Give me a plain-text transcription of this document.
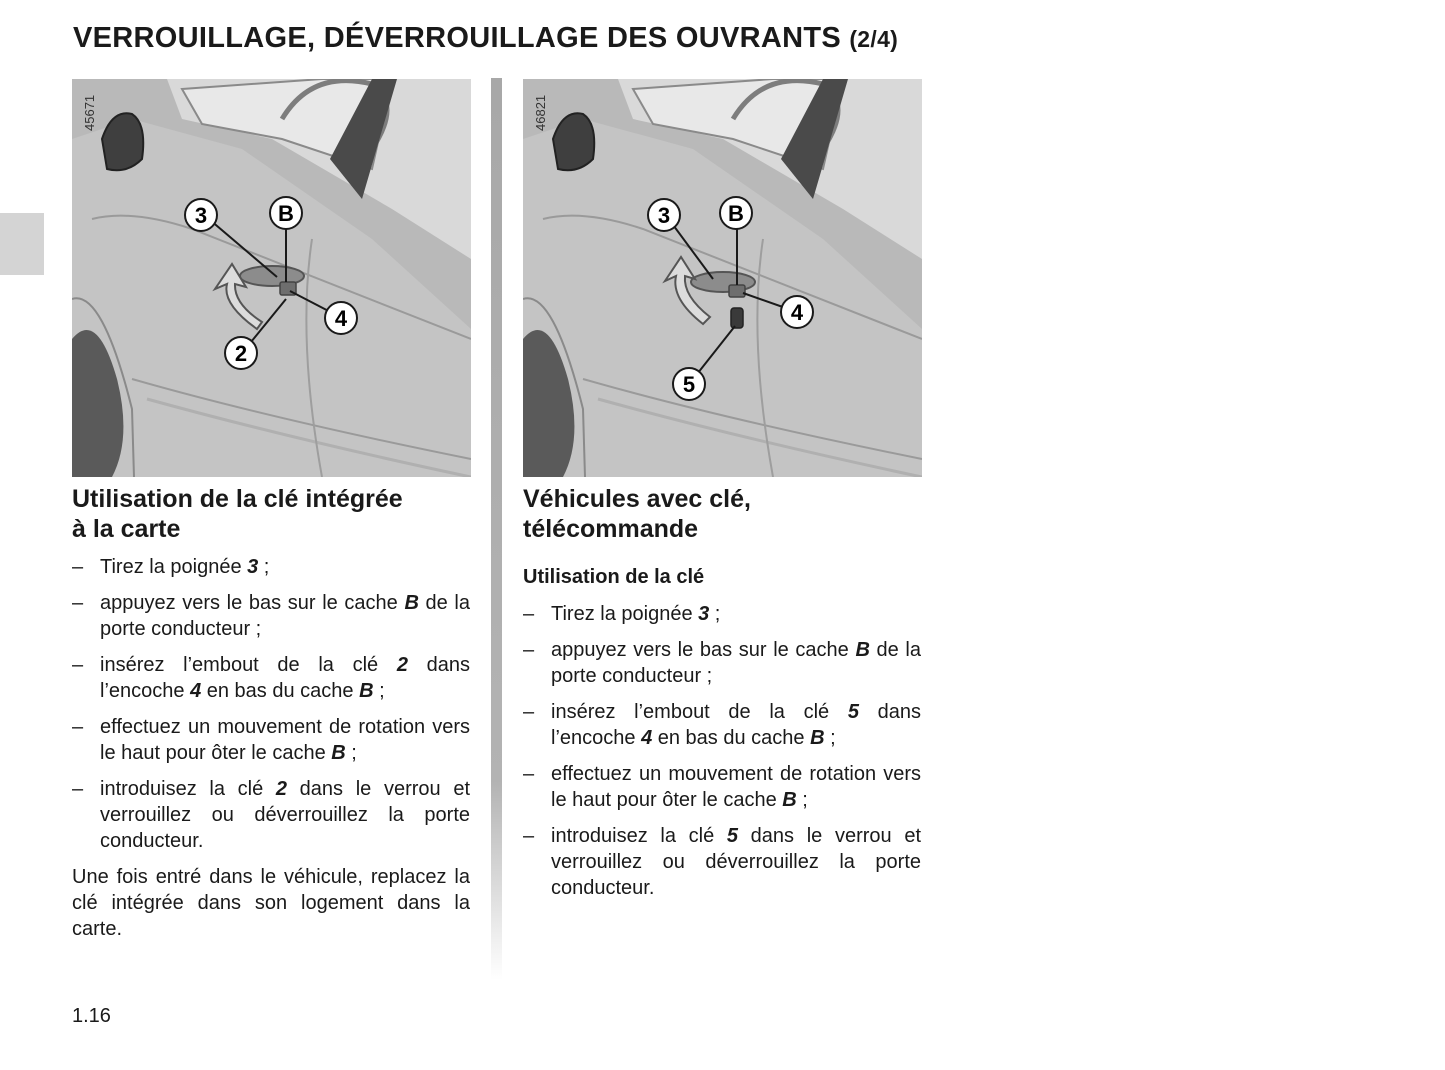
VERROUILLAGE, DÉVERROUILLAGE DES OUVRANTS (2/4)
3	B
4
2
45671
Utilisation de la clé intégrée
à la carte
– Tirez la poignée 3 ;
– appuyez vers le bas sur le cache B de la porte conducteur ;
– insérez l’embout de la clé 2 dans l’encoche 4 en bas du cache B ;
– effectuez un mouvement de rotation vers le haut pour ôter le cache B ;
– introduisez la clé 2 dans le verrou et verrouillez ou déverrouillez la porte conducteur.

Une fois entré dans le véhicule, replacez la clé intégrée dans son logement dans la carte.

3	B
4
5
46821
Véhicules avec clé,
télécommande
Utilisation de la clé
– Tirez la poignée 3 ;
– appuyez vers le bas sur le cache B de la porte conducteur ;
– insérez l’embout de la clé 5 dans l’encoche 4 en bas du cache B ;
– effectuez un mouvement de rotation vers le haut pour ôter le cache B ;
– introduisez la clé 5 dans le verrou et verrouillez ou déverrouillez la porte conducteur.

1.16
